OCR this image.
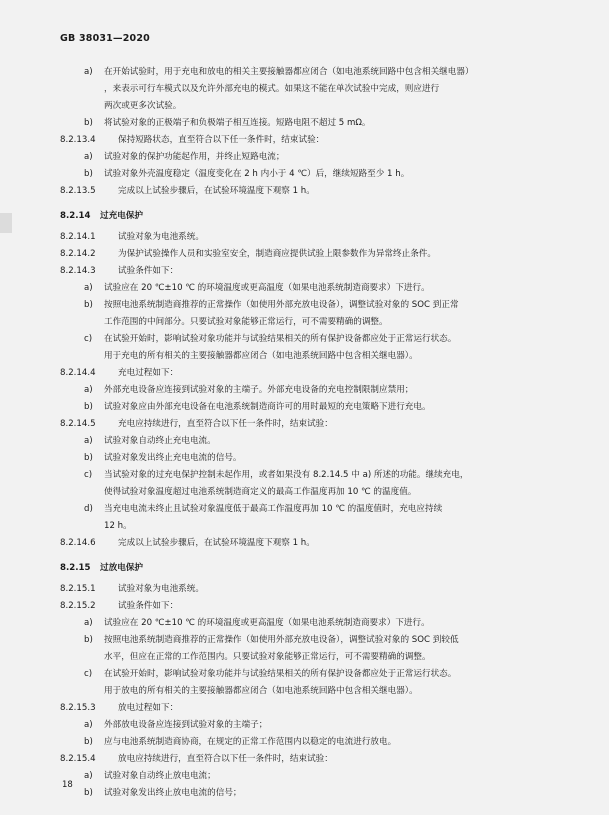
GB 38031—2020
a) 在开始试验时，用于充电和放电的相关主要接触器都应闭合（如电池系统回路中包含相关继电器）
，来表示可行车模式以及允许外部充电的模式。如果这不能在单次试验中完成，则应进行
两次或更多次试验。
b) 将试验对象的正极端子和负极端子相互连接。短路电阻不超过 5 mΩ。
8.2.13.4	保持短路状态，直至符合以下任一条件时，结束试验：
a) 试验对象的保护功能起作用，并终止短路电流；
b) 试验对象外壳温度稳定（温度变化在 2 h 内小于 4 ℃）后，继续短路至少 1 h。
8.2.13.5	完成以上试验步骤后，在试验环境温度下观察 1 h。
8.2.14 过充电保护
8.2.14.1	试验对象为电池系统。
8.2.14.2	为保护试验操作人员和实验室安全，制造商应提供试验上限参数作为异常终止条件。
8.2.14.3	试验条件如下：
a) 试验应在 20 ℃±10 ℃ 的环境温度或更高温度（如果电池系统制造商要求）下进行。
b) 按照电池系统制造商推荐的正常操作（如使用外部充放电设备），调整试验对象的 SOC 到正常
工作范围的中间部分。只要试验对象能够正常运行，可不需要精确的调整。
c) 在试验开始时，影响试验对象功能并与试验结果相关的所有保护设备都应处于正常运行状态。
用于充电的所有相关的主要接触器都应闭合（如电池系统回路中包含相关继电器）。
8.2.14.4	充电过程如下：
a) 外部充电设备应连接到试验对象的主端子。外部充电设备的充电控制限制应禁用；
b) 试验对象应由外部充电设备在电池系统制造商许可的用时最短的充电策略下进行充电。
8.2.14.5	充电应持续进行，直至符合以下任一条件时，结束试验：
a) 试验对象自动终止充电电流。
b) 试验对象发出终止充电电流的信号。
c) 当试验对象的过充电保护控制未起作用，或者如果没有 8.2.14.5 中 a) 所述的功能。继续充电，
使得试验对象温度超过电池系统制造商定义的最高工作温度再加 10 ℃ 的温度值。
d) 当充电电流未终止且试验对象温度低于最高工作温度再加 10 ℃ 的温度值时，充电应持续
12 h。
8.2.14.6	完成以上试验步骤后，在试验环境温度下观察 1 h。
8.2.15 过放电保护
8.2.15.1	试验对象为电池系统。
8.2.15.2	试验条件如下：
a) 试验应在 20 ℃±10 ℃ 的环境温度或更高温度（如果电池系统制造商要求）下进行。
b) 按照电池系统制造商推荐的正常操作（如使用外部充放电设备），调整试验对象的 SOC 到较低
水平，但应在正常的工作范围内。只要试验对象能够正常运行，可不需要精确的调整。
c) 在试验开始时，影响试验对象功能并与试验结果相关的所有保护设备都应处于正常运行状态。
用于放电的所有相关的主要接触器都应闭合（如电池系统回路中包含相关继电器）。
8.2.15.3	放电过程如下：
a) 外部放电设备应连接到试验对象的主端子；
b) 应与电池系统制造商协商，在规定的正常工作范围内以稳定的电流进行放电。
8.2.15.4	放电应持续进行，直至符合以下任一条件时，结束试验：
a) 试验对象自动终止放电电流；
b) 试验对象发出终止放电电流的信号；
18
